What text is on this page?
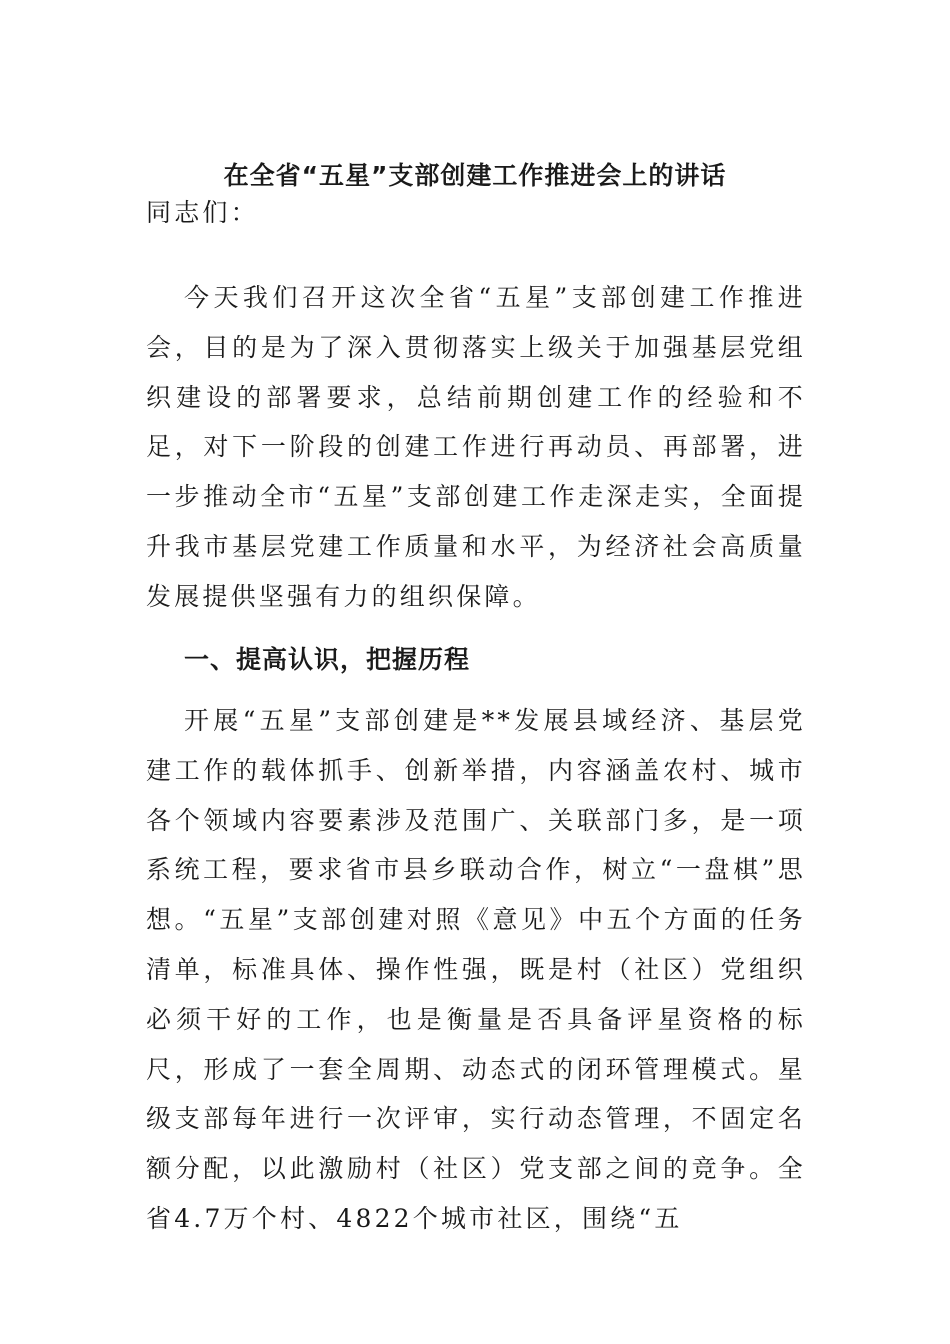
在全省“五星”支部创建工作推进会上的讲话

同志们：

今天我们召开这次全省“五星”支部创建工作推进会，目的是为了深入贯彻落实上级关于加强基层党组织建设的部署要求，总结前期创建工作的经验和不足，对下一阶段的创建工作进行再动员、再部署，进一步推动全市“五星”支部创建工作走深走实，全面提升我市基层党建工作质量和水平，为经济社会高质量发展提供坚强有力的组织保障。

一、提高认识，把握历程

开展“五星”支部创建是**发展县域经济、基层党建工作的载体抓手、创新举措，内容涵盖农村、城市各个领域内容要素涉及范围广、关联部门多，是一项系统工程，要求省市县乡联动合作，树立“一盘棋”思想。“五星”支部创建对照《意见》中五个方面的任务清单，标准具体、操作性强，既是村（社区）党组织必须干好的工作，也是衡量是否具备评星资格的标尺，形成了一套全周期、动态式的闭环管理模式。星级支部每年进行一次评审，实行动态管理，不固定名额分配，以此激励村（社区）党支部之间的竞争。全省4.7万个村、4822个城市社区，围绕“五
